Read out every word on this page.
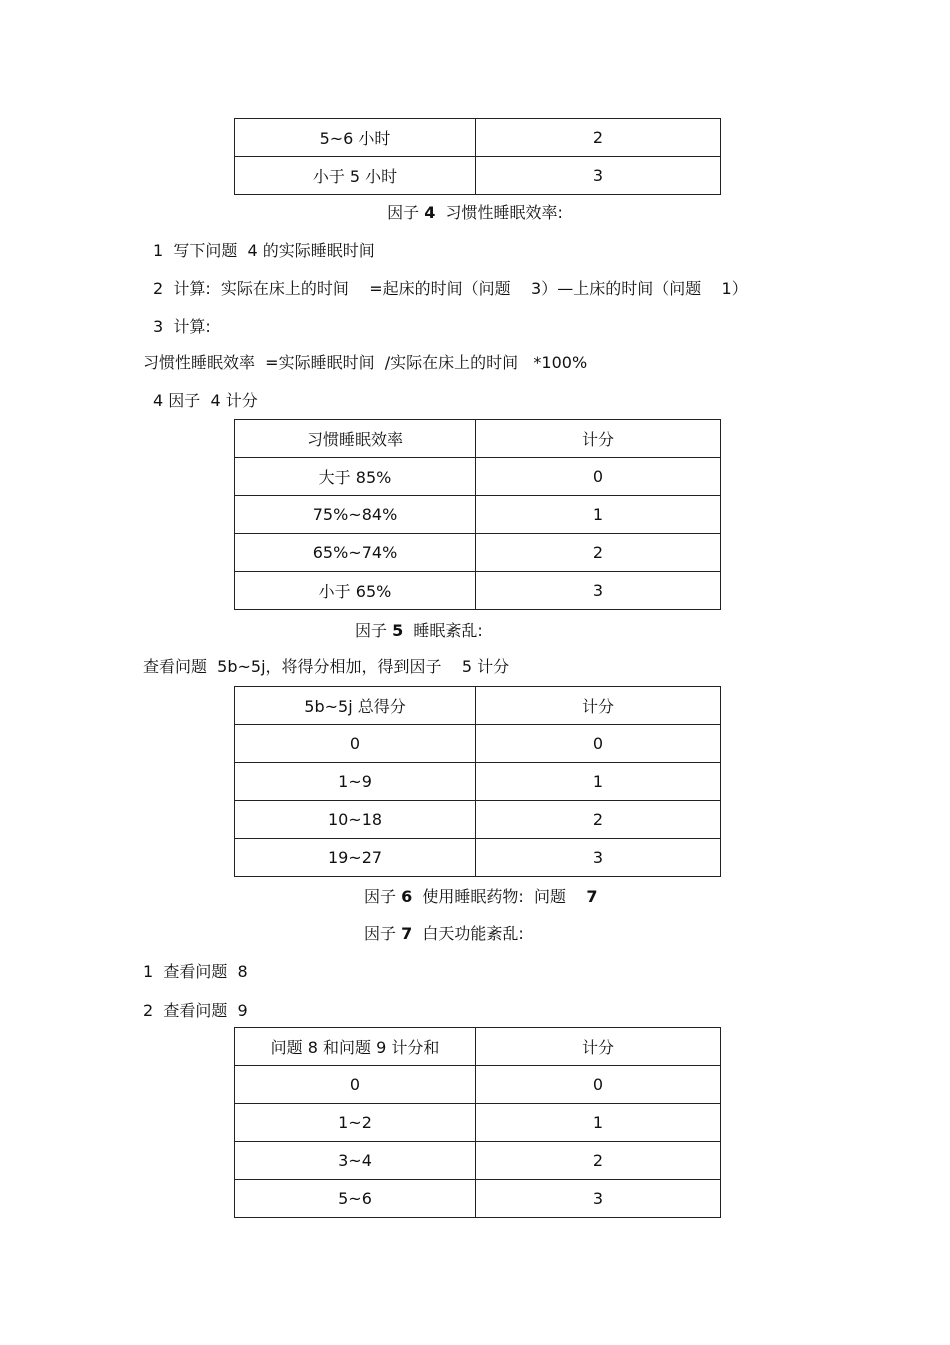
5~6 小时	2
小于 5 小时	3
因子 4  习惯性睡眠效率:
1  写下问题  4 的实际睡眠时间
2  计算:  实际在床上的时间    =起床的时间（问题    3）—上床的时间（问题    1）
3  计算:
习惯性睡眠效率  =实际睡眠时间  /实际在床上的时间   *100%
4 因子  4 计分
习惯睡眠效率	计分
大于 85%	0
75%~84%	1
65%~74%	2
小于 65%	3
因子 5  睡眠紊乱:
查看问题  5b~5j，将得分相加，得到因子    5 计分
5b~5j 总得分	计分
0	0
1~9	1
10~18	2
19~27	3
因子 6  使用睡眠药物:  问题    7
因子 7  白天功能紊乱:
1  查看问题  8
2  查看问题  9
问题 8 和问题 9 计分和	计分
0	0
1~2	1
3~4	2
5~6	3
